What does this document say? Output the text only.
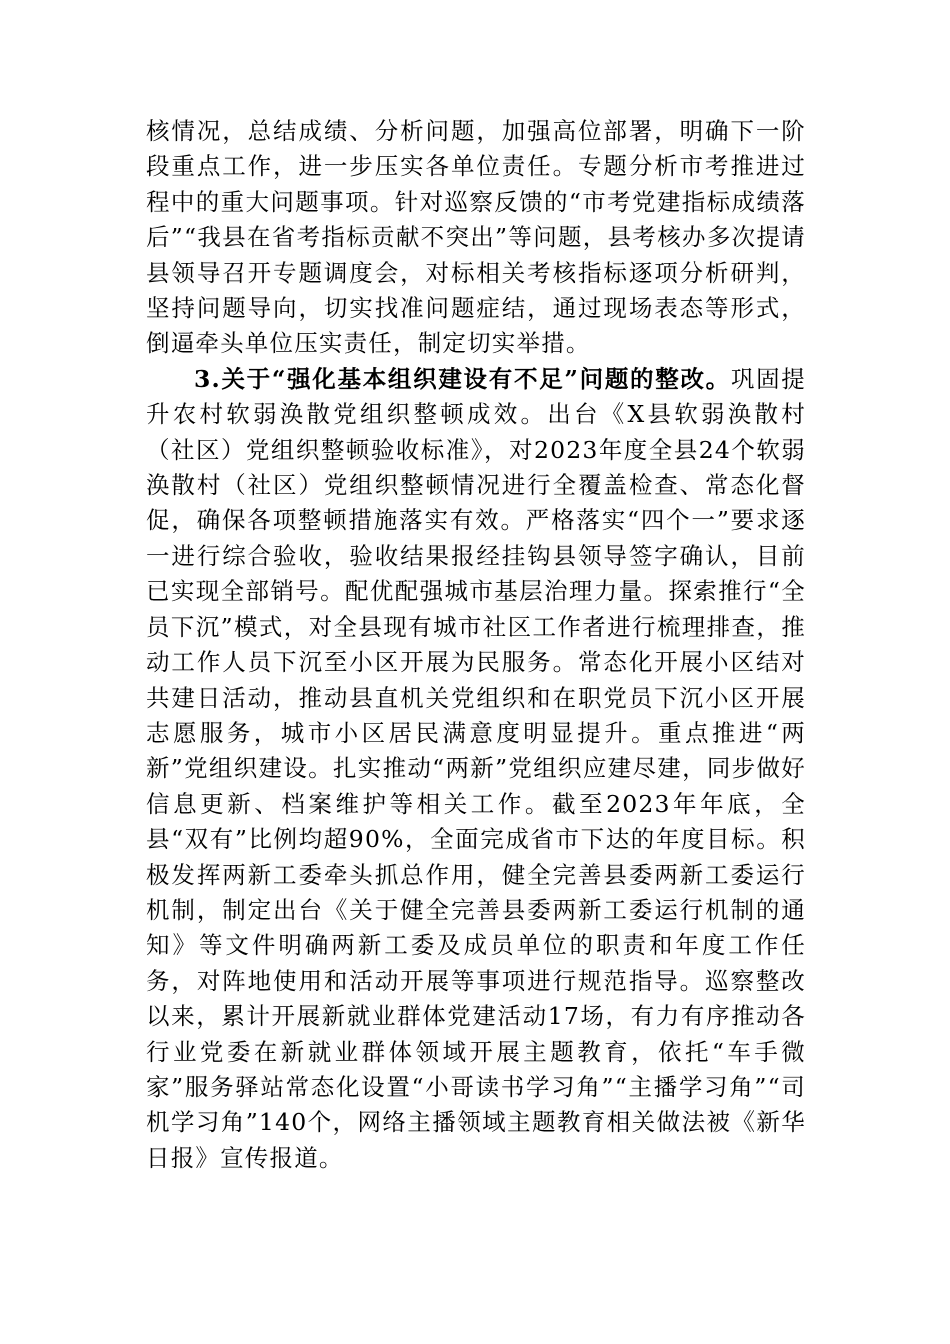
核情况，总结成绩、分析问题，加强高位部署，明确下一阶段重点工作，进一步压实各单位责任。专题分析市考推进过程中的重大问题事项。针对巡察反馈的“市考党建指标成绩落后”“我县在省考指标贡献不突出”等问题，县考核办多次提请县领导召开专题调度会，对标相关考核指标逐项分析研判，坚持问题导向，切实找准问题症结，通过现场表态等形式，倒逼牵头单位压实责任，制定切实举措。

3.关于“强化基本组织建设有不足”问题的整改。巩固提升农村软弱涣散党组织整顿成效。出台《X县软弱涣散村（社区）党组织整顿验收标准》，对2023年度全县24个软弱涣散村（社区）党组织整顿情况进行全覆盖检查、常态化督促，确保各项整顿措施落实有效。严格落实“四个一”要求逐一进行综合验收，验收结果报经挂钩县领导签字确认，目前已实现全部销号。配优配强城市基层治理力量。探索推行“全员下沉”模式，对全县现有城市社区工作者进行梳理排查，推动工作人员下沉至小区开展为民服务。常态化开展小区结对共建日活动，推动县直机关党组织和在职党员下沉小区开展志愿服务，城市小区居民满意度明显提升。重点推进“两新”党组织建设。扎实推动“两新”党组织应建尽建，同步做好信息更新、档案维护等相关工作。截至2023年年底，全县“双有”比例均超90%，全面完成省市下达的年度目标。积极发挥两新工委牵头抓总作用，健全完善县委两新工委运行机制，制定出台《关于健全完善县委两新工委运行机制的通知》等文件明确两新工委及成员单位的职责和年度工作任务，对阵地使用和活动开展等事项进行规范指导。巡察整改以来，累计开展新就业群体党建活动17场，有力有序推动各行业党委在新就业群体领域开展主题教育，依托“车手微家”服务驿站常态化设置“小哥读书学习角”“主播学习角”“司机学习角”140个，网络主播领域主题教育相关做法被《新华日报》宣传报道。
